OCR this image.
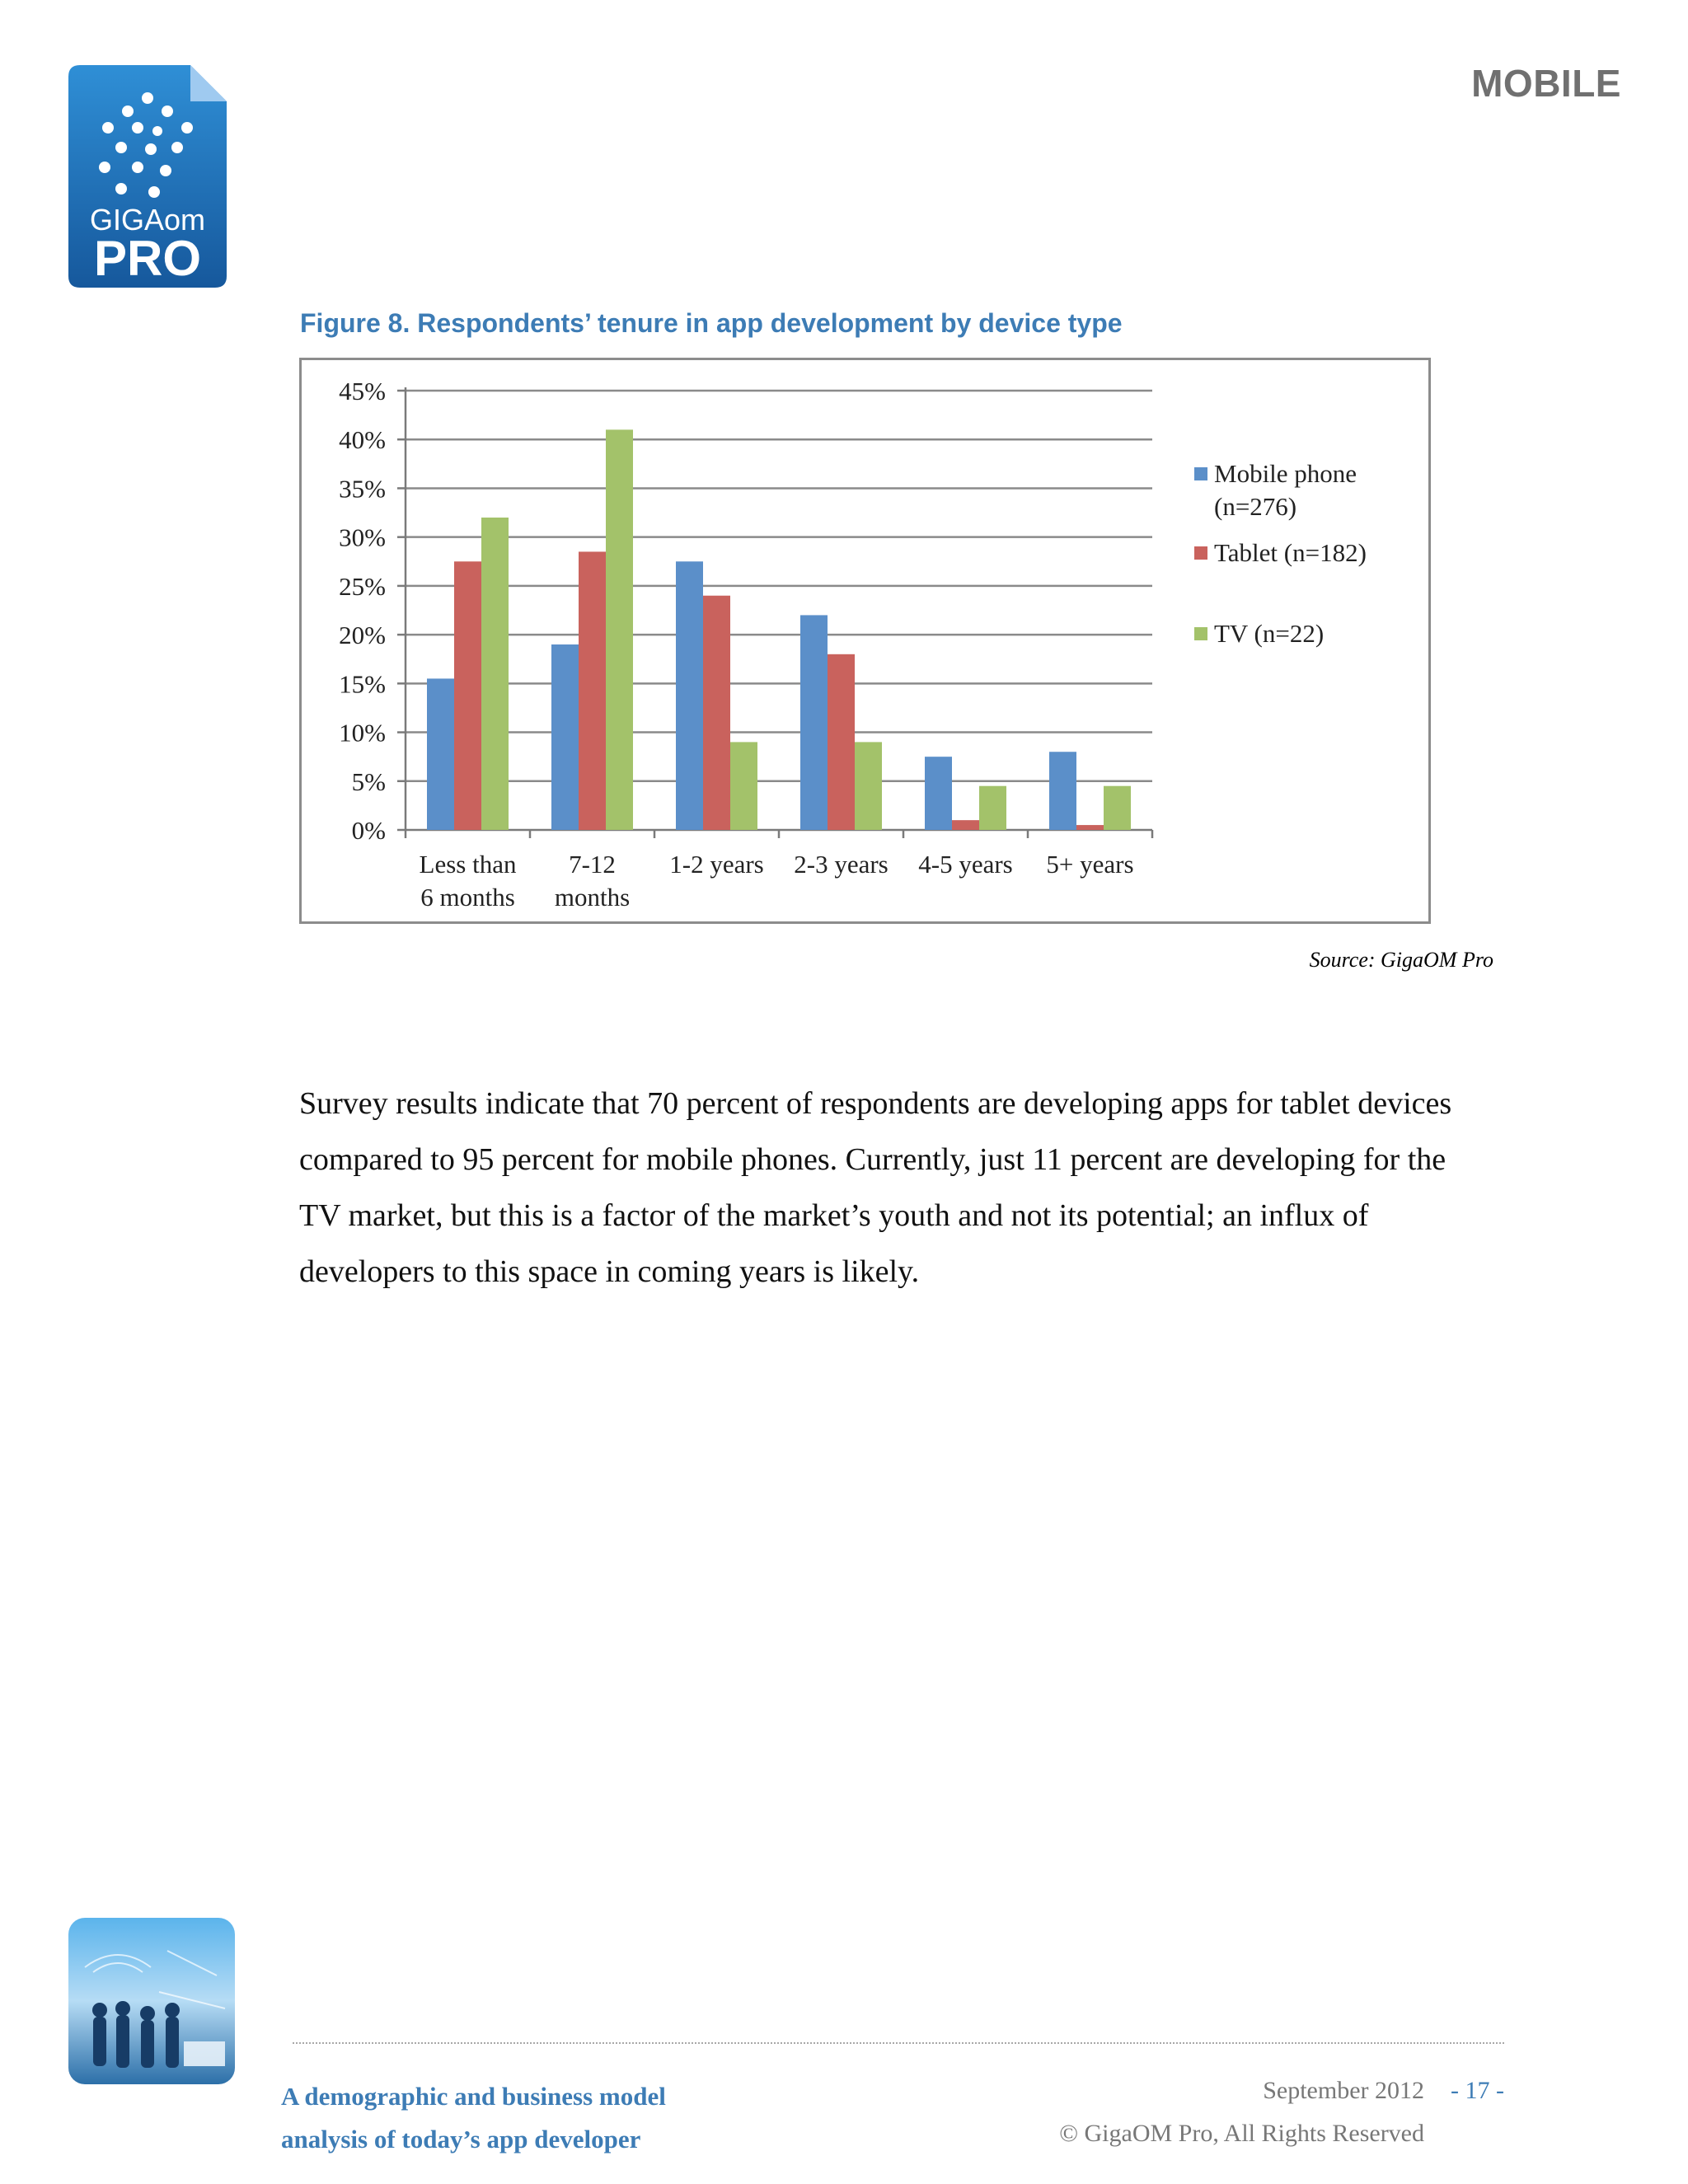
GIGAom
PRO
MOBILE
Figure 8. Respondents’ tenure in app development by device type
0%
5%
10%
15%
20%
25%
30%
35%
40%
45%
Less than
6 months
7-12
months
1-2 years 2-3 years 4-5 years 5+ years
Mobile phone
(n=276)
Tablet (n=182)
TV (n=22)
Source: GigaOM Pro

Survey results indicate that 70 percent of respondents are developing apps for tablet devices compared to 95 percent for mobile phones. Currently, just 11 percent are developing for the TV market, but this is a factor of the market’s youth and not its potential; an influx of developers to this space in coming years is likely.

A demographic and business model
analysis of today’s app developer
September 2012 - 17 -
© GigaOM Pro, All Rights Reserved
